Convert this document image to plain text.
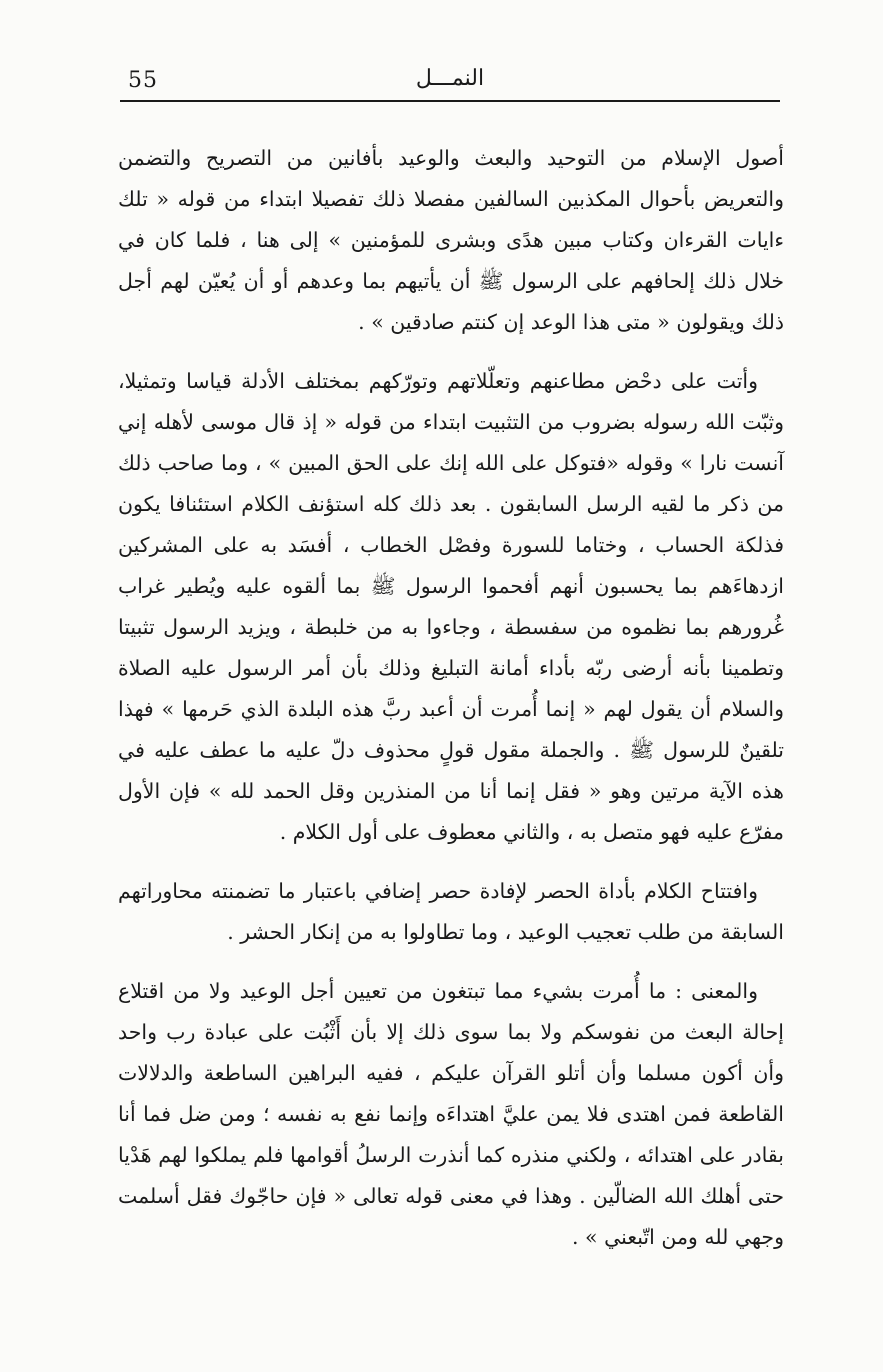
55	النمـــل

أصول الإسلام من التوحيد والبعث والوعيد بأفانين من التصريح والتضمن والتعريض بأحوال المكذبين السالفين مفصلا ذلك تفصيلا ابتداء من قوله « تلك ءايات القرءان وكتاب مبين هدًى وبشرى للمؤمنين » إلى هنا ، فلما كان في خلال ذلك إلحافهم على الرسول ﷺ أن يأتيهم بما وعدهم أو أن يُعيّن لهم أجل ذلك ويقولون « متى هذا الوعد إن كنتم صادقين » .

وأتت على دحْض مطاعنهم وتعلّلاتهم وتورّكهم بمختلف الأدلة قياسا وتمثيلا، وثبّت الله رسوله بضروب من التثبيت ابتداء من قوله « إذ قال موسى لأهله إني آنست نارا » وقوله «فتوكل على الله إنك على الحق المبين » ، وما صاحب ذلك من ذكر ما لقيه الرسل السابقون . بعد ذلك كله استؤنف الكلام استئنافا يكون فذلكة الحساب ، وختاما للسورة وفصْل الخطاب ، أفسَد به على المشركين ازدهاءَهم بما يحسبون أنهم أفحموا الرسول ﷺ بما ألقوه عليه ويُطير غراب غُرورهم بما نظموه من سفسطة ، وجاءوا به من خلبطة ، ويزيد الرسول تثبيتا وتطمينا بأنه أرضى ربّه بأداء أمانة التبليغ وذلك بأن أمر الرسول عليه الصلاة والسلام أن يقول لهم « إنما أُمرت أن أعبد ربَّ هذه البلدة الذي حَرمها » فهذا تلقينٌ للرسول ﷺ . والجملة مقول قولٍ محذوف دلّ عليه ما عطف عليه في هذه الآية مرتين وهو « فقل إنما أنا من المنذرين وقل الحمد لله » فإن الأول مفرّع عليه فهو متصل به ، والثاني معطوف على أول الكلام .

وافتتاح الكلام بأداة الحصر لإفادة حصر إضافي باعتبار ما تضمنته محاوراتهم السابقة من طلب تعجيب الوعيد ، وما تطاولوا به من إنكار الحشر .

والمعنى : ما أُمرت بشيء مما تبتغون من تعيين أجل الوعيد ولا من اقتلاع إحالة البعث من نفوسكم ولا بما سوى ذلك إلا بأن أَثْبُت على عبادة رب واحد وأن أكون مسلما وأن أتلو القرآن عليكم ، ففيه البراهين الساطعة والدلالات القاطعة فمن اهتدى فلا يمن عليَّ اهتداءَه وإنما نفع به نفسه ؛ ومن ضل فما أنا بقادر على اهتدائه ، ولكني منذره كما أنذرت الرسلُ أقوامها فلم يملكوا لهم هَدْيا حتى أهلك الله الضالّين . وهذا في معنى قوله تعالى « فإن حاجّوك فقل أسلمت وجهي لله ومن اتّبعني » .
